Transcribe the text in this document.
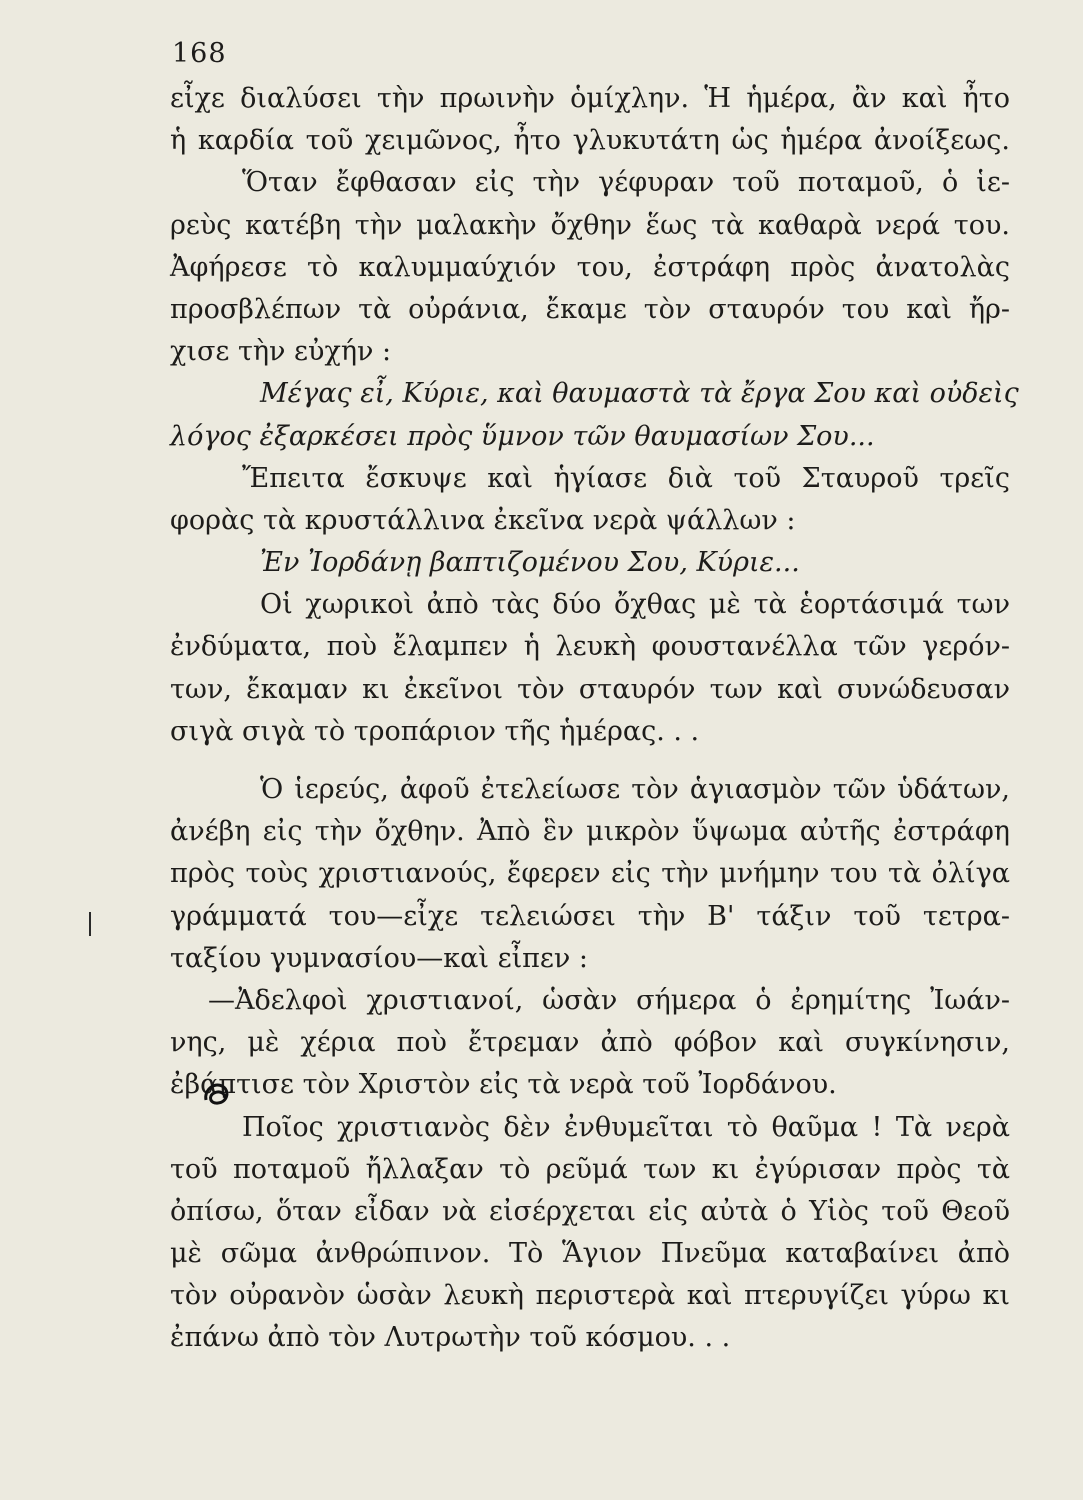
168
εἶχε διαλύσει τὴν πρωινὴν ὁμίχλην. Ἡ ἡμέρα, ἂν καὶ ἦτο
ἡ καρδία τοῦ χειμῶνος, ἦτο γλυκυτάτη ὡς ἡμέρα ἀνοίξεως.
Ὅταν ἔφθασαν εἰς τὴν γέφυραν τοῦ ποταμοῦ, ὁ ἱε-
ρεὺς κατέβη τὴν μαλακὴν ὄχθην ἕως τὰ καθαρὰ νερά του.
Ἀφήρεσε τὸ καλυμμαύχιόν του, ἐστράφη πρὸς ἀνατολὰς
προσβλέπων τὰ οὐράνια, ἔκαμε τὸν σταυρόν του καὶ ἤρ-
χισε τὴν εὐχήν :
Μέγας εἶ, Κύριε, καὶ θαυμαστὰ τὰ ἔργα Σου καὶ οὐδεὶς
λόγος ἐξαρκέσει πρὸς ὕμνον τῶν θαυμασίων Σου...
Ἔπειτα ἔσκυψε καὶ ἡγίασε διὰ τοῦ Σταυροῦ τρεῖς
φορὰς τὰ κρυστάλλινα ἐκεῖνα νερὰ ψάλλων :
Ἐν Ἰορδάνῃ βαπτιζομένου Σου, Κύριε...
Οἱ χωρικοὶ ἀπὸ τὰς δύο ὄχθας μὲ τὰ ἑορτάσιμά των
ἐνδύματα, ποὺ ἔλαμπεν ἡ λευκὴ φουστανέλλα τῶν γερόν-
των, ἔκαμαν κι ἐκεῖνοι τὸν σταυρόν των καὶ συνώδευσαν
σιγὰ σιγὰ τὸ τροπάριον τῆς ἡμέρας. . .
Ὁ ἱερεύς, ἀφοῦ ἐτελείωσε τὸν ἁγιασμὸν τῶν ὑδάτων,
ἀνέβη εἰς τὴν ὄχθην. Ἀπὸ ἓν μικρὸν ὕψωμα αὐτῆς ἐστράφη
πρὸς τοὺς χριστιανούς, ἔφερεν εἰς τὴν μνήμην του τὰ ὀλίγα
γράμματά του—εἶχε τελειώσει τὴν Β' τάξιν τοῦ τετρα-
ταξίου γυμνασίου—καὶ εἶπεν :
—Ἀδελφοὶ χριστιανοί, ὡσὰν σήμερα ὁ ἐρημίτης Ἰωάν-
νης, μὲ χέρια ποὺ ἔτρεμαν ἀπὸ φόβον καὶ συγκίνησιν,
ἐβάπτισε τὸν Χριστὸν εἰς τὰ νερὰ τοῦ Ἰορδάνου.
Ποῖος χριστιανὸς δὲν ἐνθυμεῖται τὸ θαῦμα ! Τὰ νερὰ
τοῦ ποταμοῦ ἤλλαξαν τὸ ρεῦμά των κι ἐγύρισαν πρὸς τὰ
ὀπίσω, ὅταν εἶδαν νὰ εἰσέρχεται εἰς αὐτὰ ὁ Υἱὸς τοῦ Θεοῦ
μὲ σῶμα ἀνθρώπινον. Τὸ Ἅγιον Πνεῦμα καταβαίνει ἀπὸ
τὸν οὐρανὸν ὡσὰν λευκὴ περιστερὰ καὶ πτερυγίζει γύρω κι
ἐπάνω ἀπὸ τὸν Λυτρωτὴν τοῦ κόσμου. . .
